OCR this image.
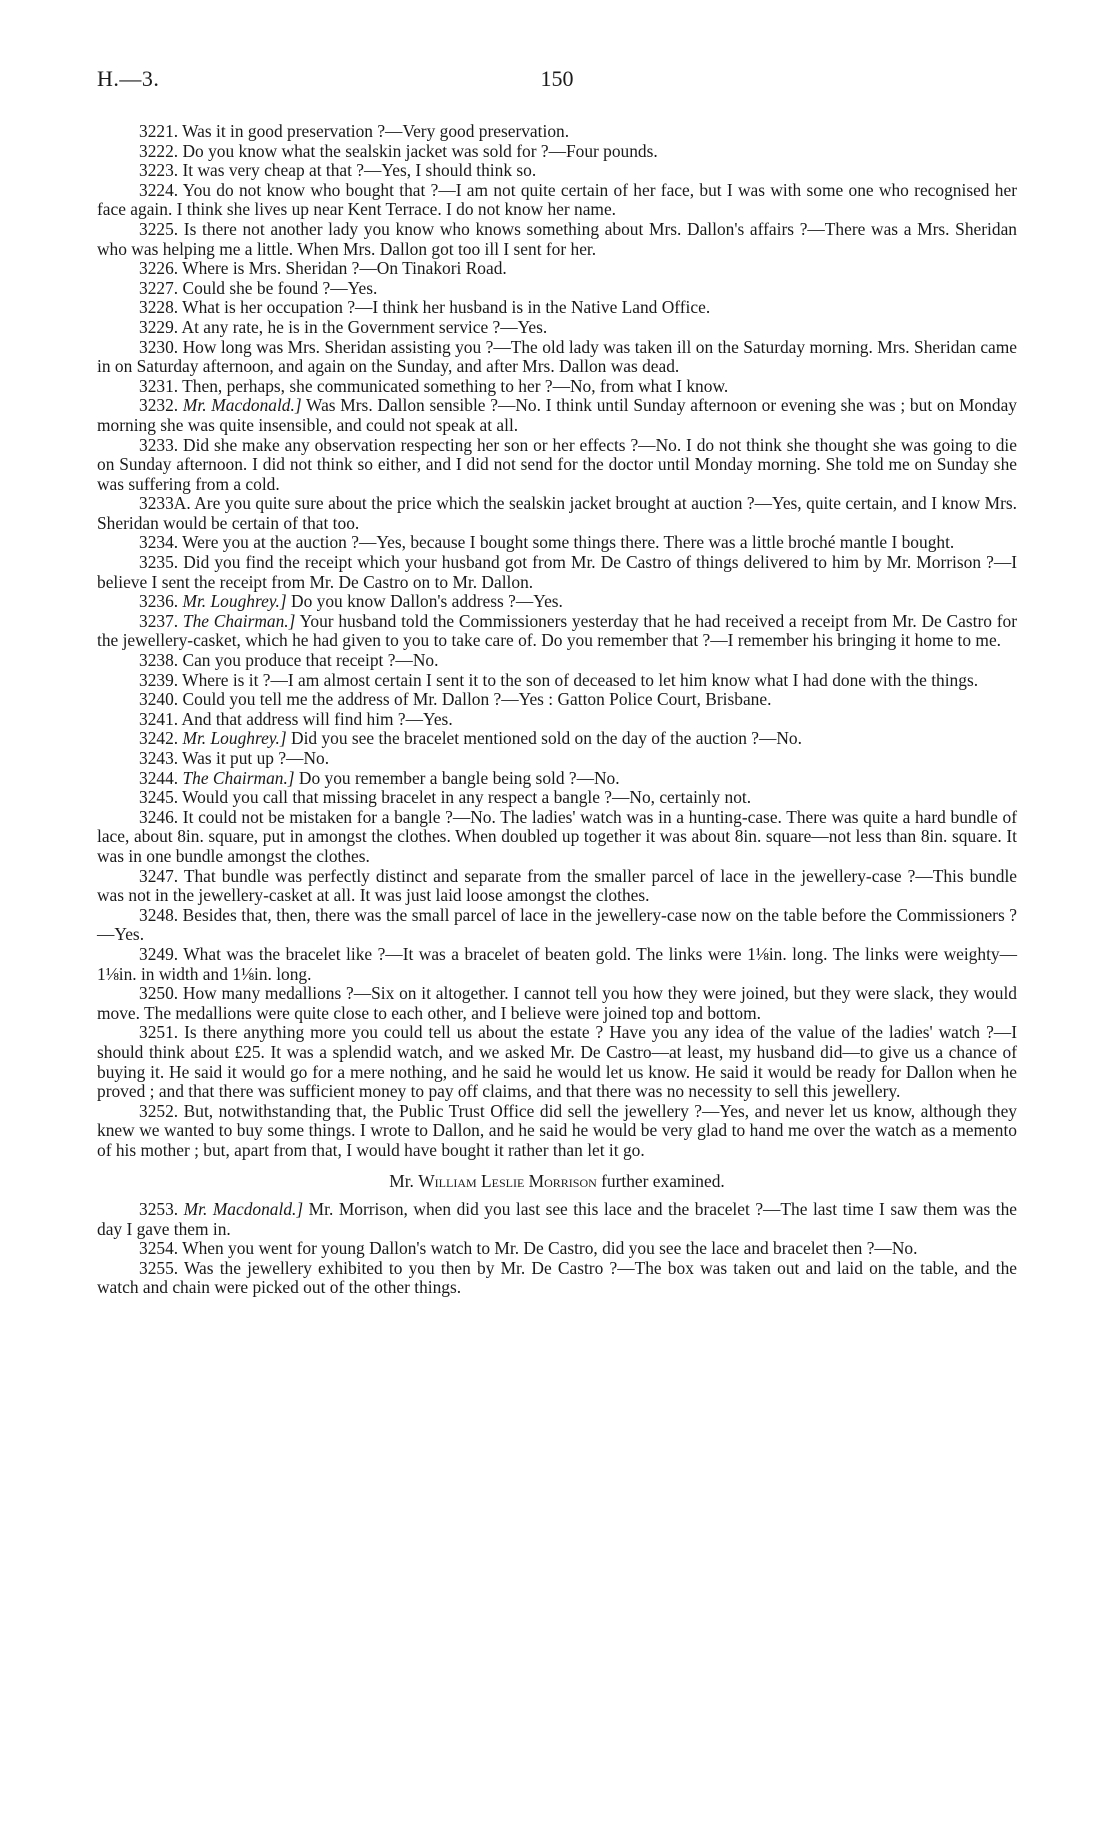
H.—3.	150

3221. Was it in good preservation ?—Very good preservation.

3222. Do you know what the sealskin jacket was sold for ?—Four pounds.

3223. It was very cheap at that ?—Yes, I should think so.

3224. You do not know who bought that ?—I am not quite certain of her face, but I was with some one who recognised her face again. I think she lives up near Kent Terrace. I do not know her name.

3225. Is there not another lady you know who knows something about Mrs. Dallon's affairs ?—There was a Mrs. Sheridan who was helping me a little. When Mrs. Dallon got too ill I sent for her.

3226. Where is Mrs. Sheridan ?—On Tinakori Road.

3227. Could she be found ?—Yes.

3228. What is her occupation ?—I think her husband is in the Native Land Office.

3229. At any rate, he is in the Government service ?—Yes.

3230. How long was Mrs. Sheridan assisting you ?—The old lady was taken ill on the Saturday morning. Mrs. Sheridan came in on Saturday afternoon, and again on the Sunday, and after Mrs. Dallon was dead.

3231. Then, perhaps, she communicated something to her ?—No, from what I know.

3232. Mr. Macdonald.] Was Mrs. Dallon sensible ?—No. I think until Sunday afternoon or evening she was ; but on Monday morning she was quite insensible, and could not speak at all.

3233. Did she make any observation respecting her son or her effects ?—No. I do not think she thought she was going to die on Sunday afternoon. I did not think so either, and I did not send for the doctor until Monday morning. She told me on Sunday she was suffering from a cold.

3233A. Are you quite sure about the price which the sealskin jacket brought at auction ?—Yes, quite certain, and I know Mrs. Sheridan would be certain of that too.

3234. Were you at the auction ?—Yes, because I bought some things there. There was a little broché mantle I bought.

3235. Did you find the receipt which your husband got from Mr. De Castro of things delivered to him by Mr. Morrison ?—I believe I sent the receipt from Mr. De Castro on to Mr. Dallon.

3236. Mr. Loughrey.] Do you know Dallon's address ?—Yes.

3237. The Chairman.] Your husband told the Commissioners yesterday that he had received a receipt from Mr. De Castro for the jewellery-casket, which he had given to you to take care of. Do you remember that ?—I remember his bringing it home to me.

3238. Can you produce that receipt ?—No.

3239. Where is it ?—I am almost certain I sent it to the son of deceased to let him know what I had done with the things.

3240. Could you tell me the address of Mr. Dallon ?—Yes : Gatton Police Court, Brisbane.

3241. And that address will find him ?—Yes.

3242. Mr. Loughrey.] Did you see the bracelet mentioned sold on the day of the auction ?—No.

3243. Was it put up ?—No.

3244. The Chairman.] Do you remember a bangle being sold ?—No.

3245. Would you call that missing bracelet in any respect a bangle ?—No, certainly not.

3246. It could not be mistaken for a bangle ?—No. The ladies' watch was in a hunting-case. There was quite a hard bundle of lace, about 8in. square, put in amongst the clothes. When doubled up together it was about 8in. square—not less than 8in. square. It was in one bundle amongst the clothes.

3247. That bundle was perfectly distinct and separate from the smaller parcel of lace in the jewellery-case ?—This bundle was not in the jewellery-casket at all. It was just laid loose amongst the clothes.

3248. Besides that, then, there was the small parcel of lace in the jewellery-case now on the table before the Commissioners ?—Yes.

3249. What was the bracelet like ?—It was a bracelet of beaten gold. The links were 1⅛in. long. The links were weighty—1⅛in. in width and 1⅛in. long.

3250. How many medallions ?—Six on it altogether. I cannot tell you how they were joined, but they were slack, they would move. The medallions were quite close to each other, and I believe were joined top and bottom.

3251. Is there anything more you could tell us about the estate ? Have you any idea of the value of the ladies' watch ?—I should think about £25. It was a splendid watch, and we asked Mr. De Castro—at least, my husband did—to give us a chance of buying it. He said it would go for a mere nothing, and he said he would let us know. He said it would be ready for Dallon when he proved ; and that there was sufficient money to pay off claims, and that there was no necessity to sell this jewellery.

3252. But, notwithstanding that, the Public Trust Office did sell the jewellery ?—Yes, and never let us know, although they knew we wanted to buy some things. I wrote to Dallon, and he said he would be very glad to hand me over the watch as a memento of his mother ; but, apart from that, I would have bought it rather than let it go.

Mr. William Leslie Morrison further examined.

3253. Mr. Macdonald.] Mr. Morrison, when did you last see this lace and the bracelet ?—The last time I saw them was the day I gave them in.

3254. When you went for young Dallon's watch to Mr. De Castro, did you see the lace and bracelet then ?—No.

3255. Was the jewellery exhibited to you then by Mr. De Castro ?—The box was taken out and laid on the table, and the watch and chain were picked out of the other things.
